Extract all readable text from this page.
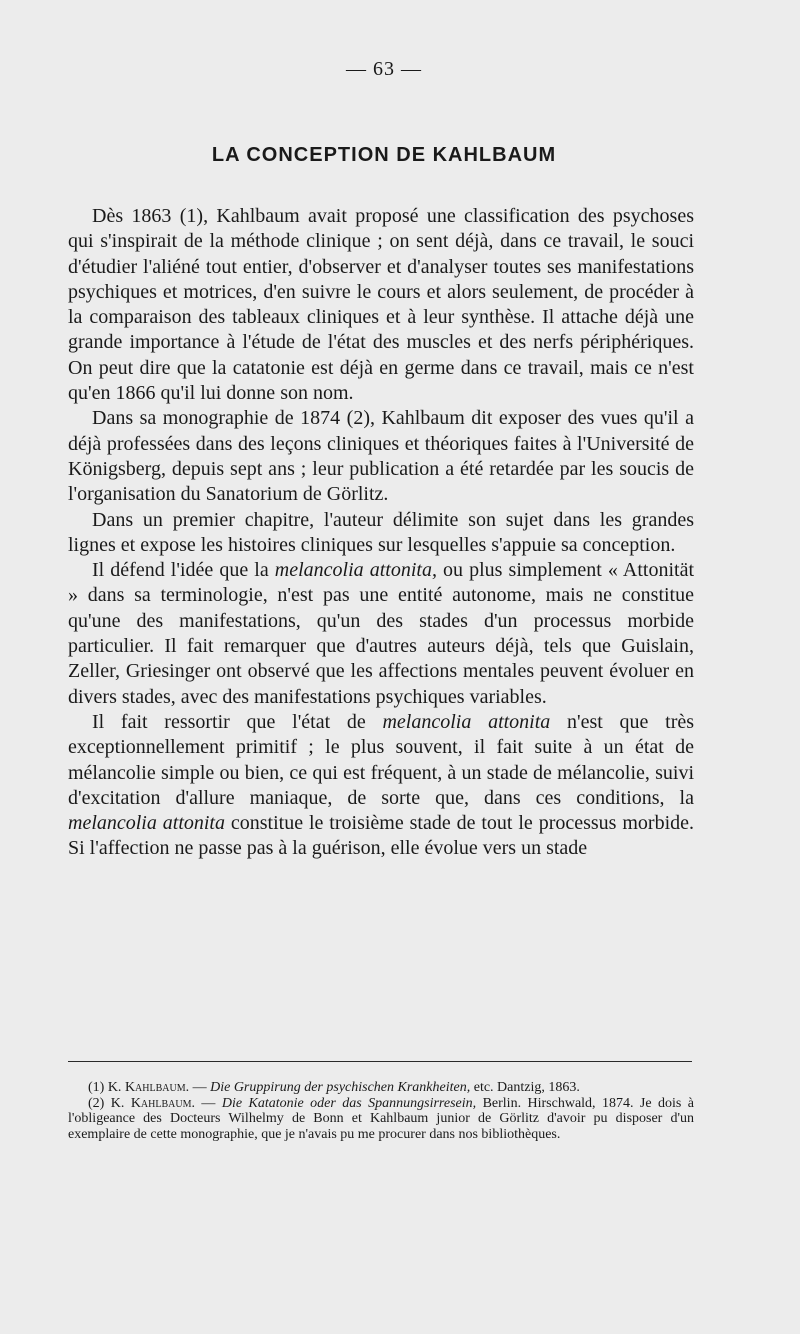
— 63 —
LA CONCEPTION DE KAHLBAUM

Dès 1863 (1), Kahlbaum avait proposé une classification des psychoses qui s'inspirait de la méthode clinique ; on sent déjà, dans ce travail, le souci d'étudier l'aliéné tout entier, d'observer et d'analyser toutes ses manifestations psychiques et motrices, d'en suivre le cours et alors seulement, de procéder à la comparaison des tableaux cliniques et à leur synthèse. Il attache déjà une grande importance à l'étude de l'état des muscles et des nerfs périphériques. On peut dire que la catatonie est déjà en germe dans ce travail, mais ce n'est qu'en 1866 qu'il lui donne son nom.

Dans sa monographie de 1874 (2), Kahlbaum dit exposer des vues qu'il a déjà professées dans des leçons cliniques et théoriques faites à l'Université de Königsberg, depuis sept ans ; leur publication a été retardée par les soucis de l'organisation du Sanatorium de Görlitz.

Dans un premier chapitre, l'auteur délimite son sujet dans les grandes lignes et expose les histoires cliniques sur lesquelles s'appuie sa conception.

Il défend l'idée que la melancolia attonita, ou plus simplement « Attonität » dans sa terminologie, n'est pas une entité autonome, mais ne constitue qu'une des manifestations, qu'un des stades d'un processus morbide particulier. Il fait remarquer que d'autres auteurs déjà, tels que Guislain, Zeller, Griesinger ont observé que les affections mentales peuvent évoluer en divers stades, avec des manifestations psychiques variables.

Il fait ressortir que l'état de melancolia attonita n'est que très exceptionnellement primitif ; le plus souvent, il fait suite à un état de mélancolie simple ou bien, ce qui est fréquent, à un stade de mélancolie, suivi d'excitation d'allure maniaque, de sorte que, dans ces conditions, la melancolia attonita constitue le troisième stade de tout le processus morbide. Si l'affection ne passe pas à la guérison, elle évolue vers un stade

(1) K. Kahlbaum. — Die Gruppirung der psychischen Krankheiten, etc. Dantzig, 1863.

(2) K. Kahlbaum. — Die Katatonie oder das Spannungsirresein, Berlin. Hirschwald, 1874. Je dois à l'obligeance des Docteurs Wilhelmy de Bonn et Kahlbaum junior de Görlitz d'avoir pu disposer d'un exemplaire de cette monographie, que je n'avais pu me procurer dans nos bibliothèques.
